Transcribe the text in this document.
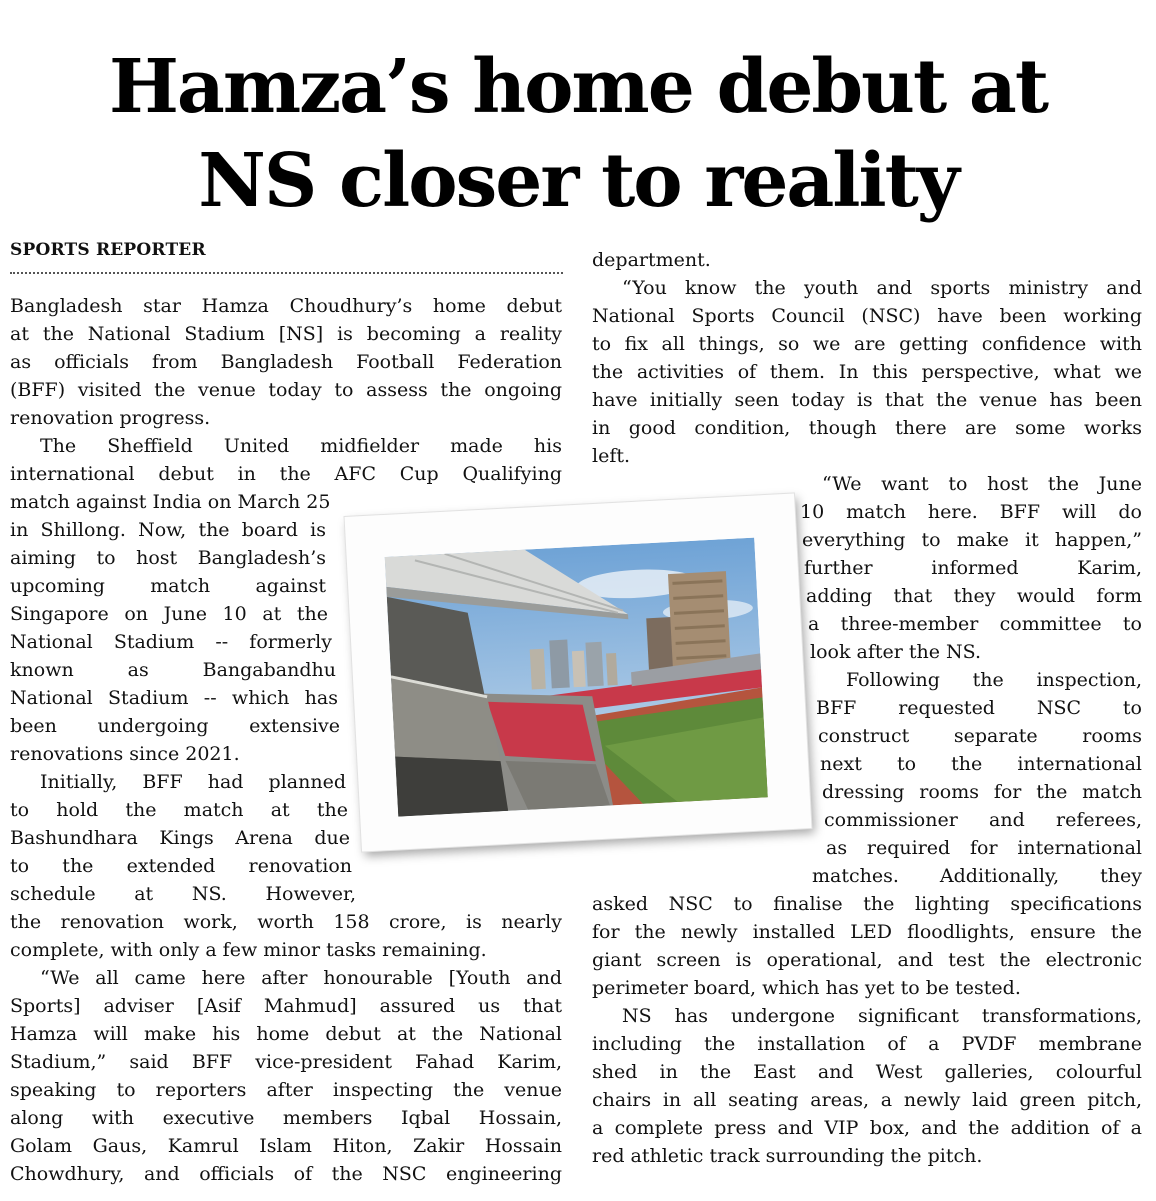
Hamza’s home debut at
NS closer to reality
SPORTS REPORTER
Bangladesh star Hamza Choudhury’s home debut
at the National Stadium [NS] is becoming a reality
as officials from Bangladesh Football Federation
(BFF) visited the venue today to assess the ongoing
renovation progress.
The Sheffield United midfielder made his
international debut in the AFC Cup Qualifying
match against India on March 25
in Shillong. Now, the board is
aiming to host Bangladesh’s
upcoming match against
Singapore on June 10 at the
National Stadium -- formerly
known as Bangabandhu
National Stadium -- which has
been undergoing extensive
renovations since 2021.
Initially, BFF had planned
to hold the match at the
Bashundhara Kings Arena due
to the extended renovation
schedule at NS. However,
the renovation work, worth 158 crore, is nearly
complete, with only a few minor tasks remaining.
“We all came here after honourable [Youth and
Sports] adviser [Asif Mahmud] assured us that
Hamza will make his home debut at the National
Stadium,” said BFF vice-president Fahad Karim,
speaking to reporters after inspecting the venue
along with executive members Iqbal Hossain,
Golam Gaus, Kamrul Islam Hiton, Zakir Hossain
Chowdhury, and officials of the NSC engineering
department.
“You know the youth and sports ministry and
National Sports Council (NSC) have been working
to fix all things, so we are getting confidence with
the activities of them. In this perspective, what we
have initially seen today is that the venue has been
in good condition, though there are some works
left.
“We want to host the June
10 match here. BFF will do
everything to make it happen,”
further informed Karim,
adding that they would form
a three-member committee to
look after the NS.
Following the inspection,
BFF requested NSC to
construct separate rooms
next to the international
dressing rooms for the match
commissioner and referees,
as required for international
matches. Additionally, they
asked NSC to finalise the lighting specifications
for the newly installed LED floodlights, ensure the
giant screen is operational, and test the electronic
perimeter board, which has yet to be tested.
NS has undergone significant transformations,
including the installation of a PVDF membrane
shed in the East and West galleries, colourful
chairs in all seating areas, a newly laid green pitch,
a complete press and VIP box, and the addition of a
red athletic track surrounding the pitch.
